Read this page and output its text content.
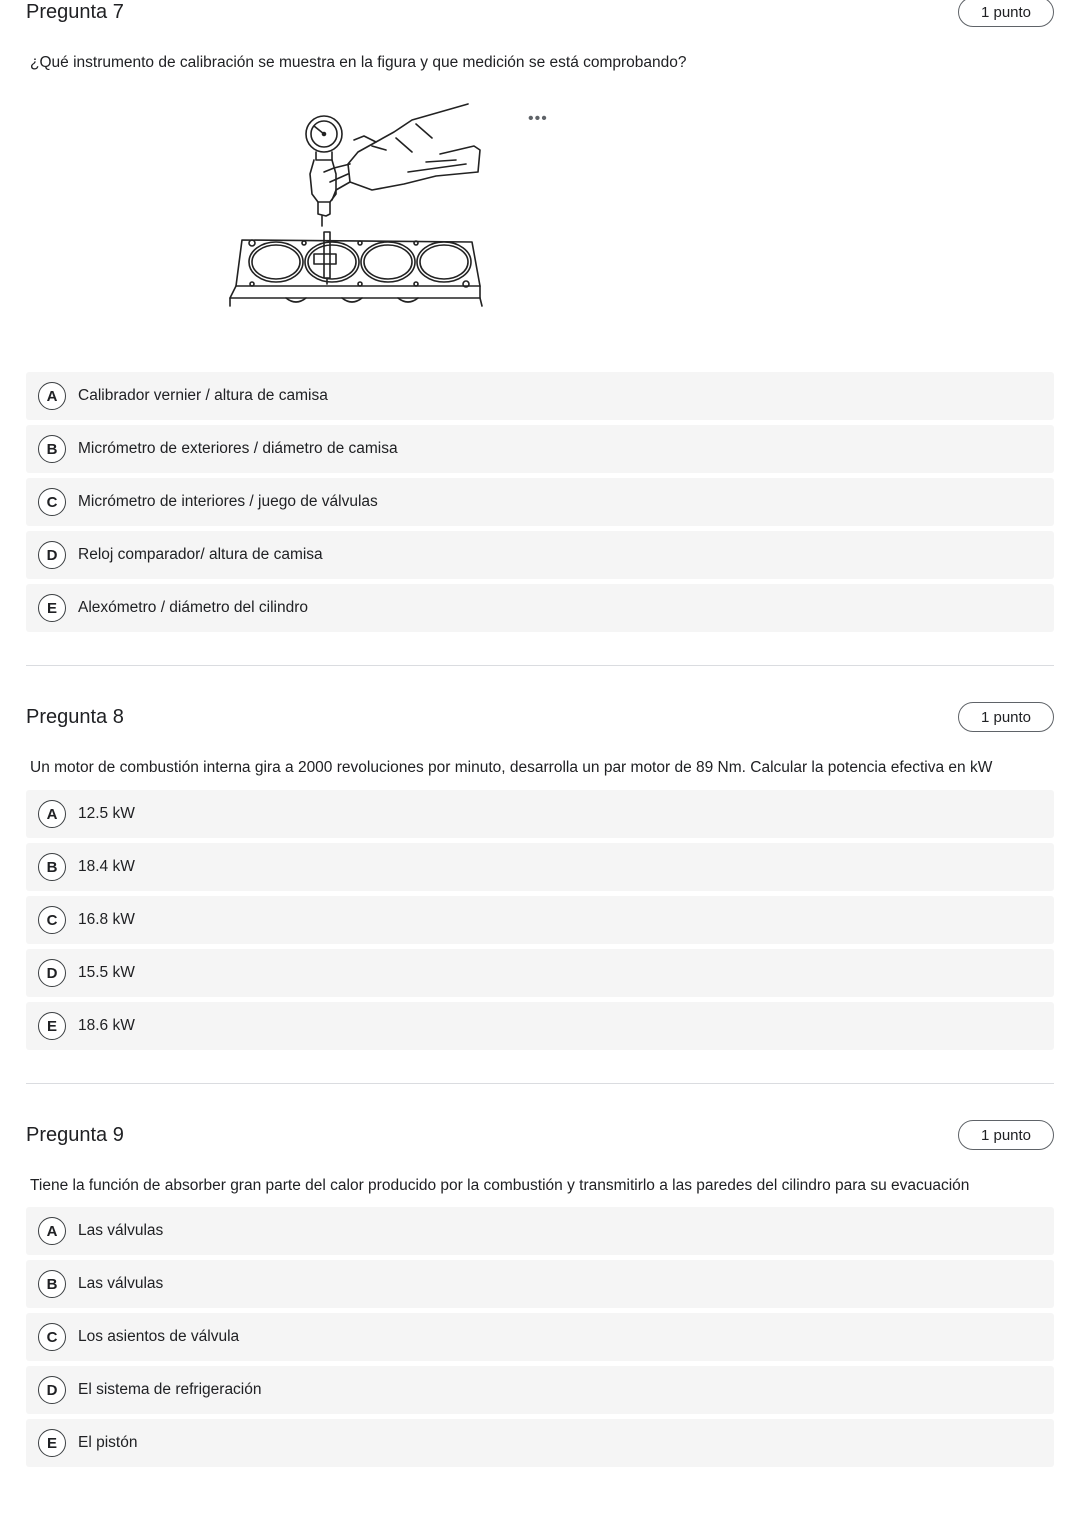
Pregunta 7	1 punto

¿Qué instrumento de calibración se muestra en la figura y que medición se está comprobando?

•••
A	Calibrador vernier / altura de camisa
B	Micrómetro de exteriores / diámetro de camisa
C	Micrómetro de interiores / juego de válvulas
D	Reloj comparador/ altura de camisa
E	Alexómetro / diámetro del cilindro
Pregunta 8	1 punto

Un motor de combustión interna gira a 2000 revoluciones por minuto, desarrolla un par motor de 89 Nm. Calcular la potencia efectiva en kW

A	12.5 kW
B	18.4 kW
C	16.8 kW
D	15.5 kW
E	18.6 kW
Pregunta 9	1 punto

Tiene la función de absorber gran parte del calor producido por la combustión y transmitirlo a las paredes del cilindro para su evacuación

A	Las válvulas
B	Las válvulas
C	Los asientos de válvula
D	El sistema de refrigeración
E	El pistón
